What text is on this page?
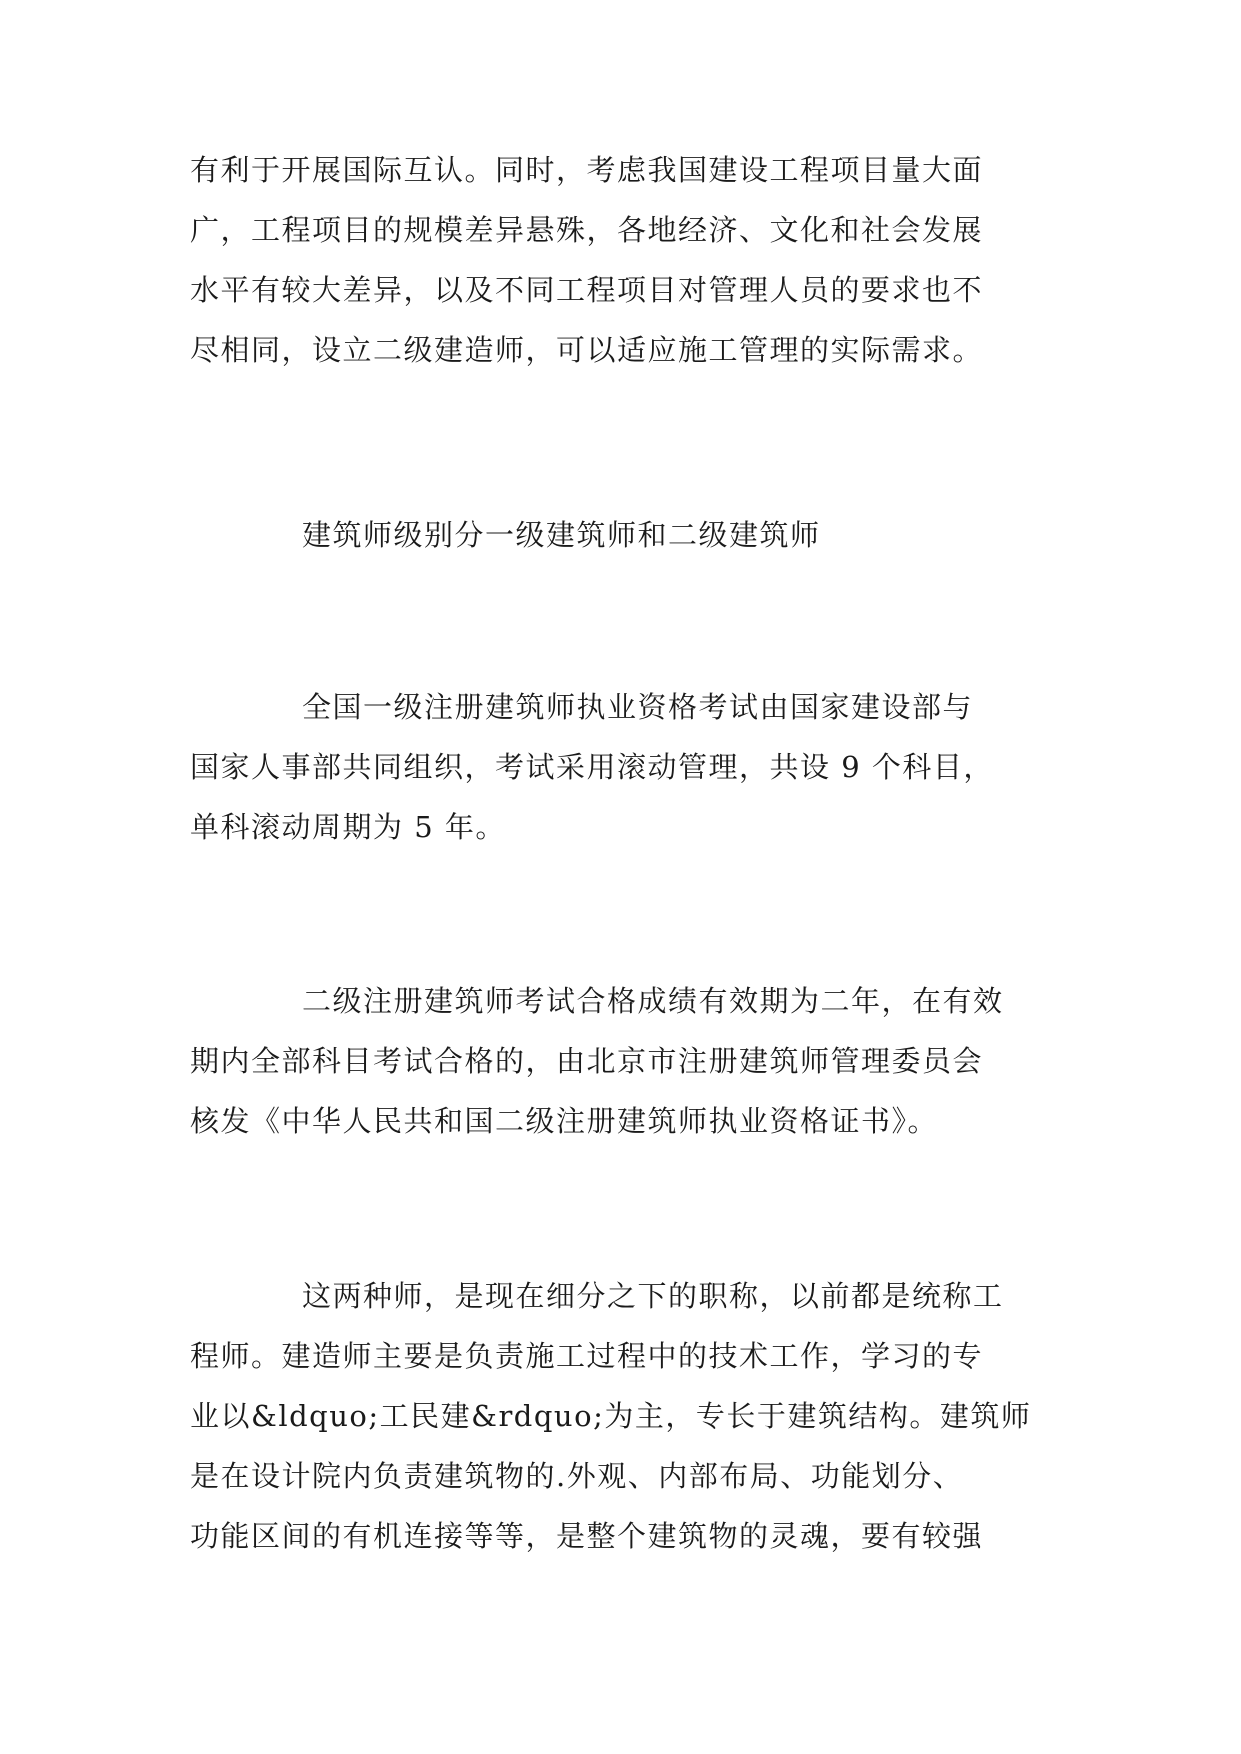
有利于开展国际互认。同时，考虑我国建设工程项目量大面
广，工程项目的规模差异悬殊，各地经济、文化和社会发展
水平有较大差异，以及不同工程项目对管理人员的要求也不
尽相同，设立二级建造师，可以适应施工管理的实际需求。
建筑师级别分一级建筑师和二级建筑师
全国一级注册建筑师执业资格考试由国家建设部与
国家人事部共同组织，考试采用滚动管理，共设 9 个科目，
单科滚动周期为 5 年。
二级注册建筑师考试合格成绩有效期为二年，在有效
期内全部科目考试合格的，由北京市注册建筑师管理委员会
核发《中华人民共和国二级注册建筑师执业资格证书》。
这两种师，是现在细分之下的职称，以前都是统称工
程师。建造师主要是负责施工过程中的技术工作，学习的专
业以&ldquo;工民建&rdquo;为主，专长于建筑结构。建筑师
是在设计院内负责建筑物的.外观、内部布局、功能划分、
功能区间的有机连接等等，是整个建筑物的灵魂，要有较强
